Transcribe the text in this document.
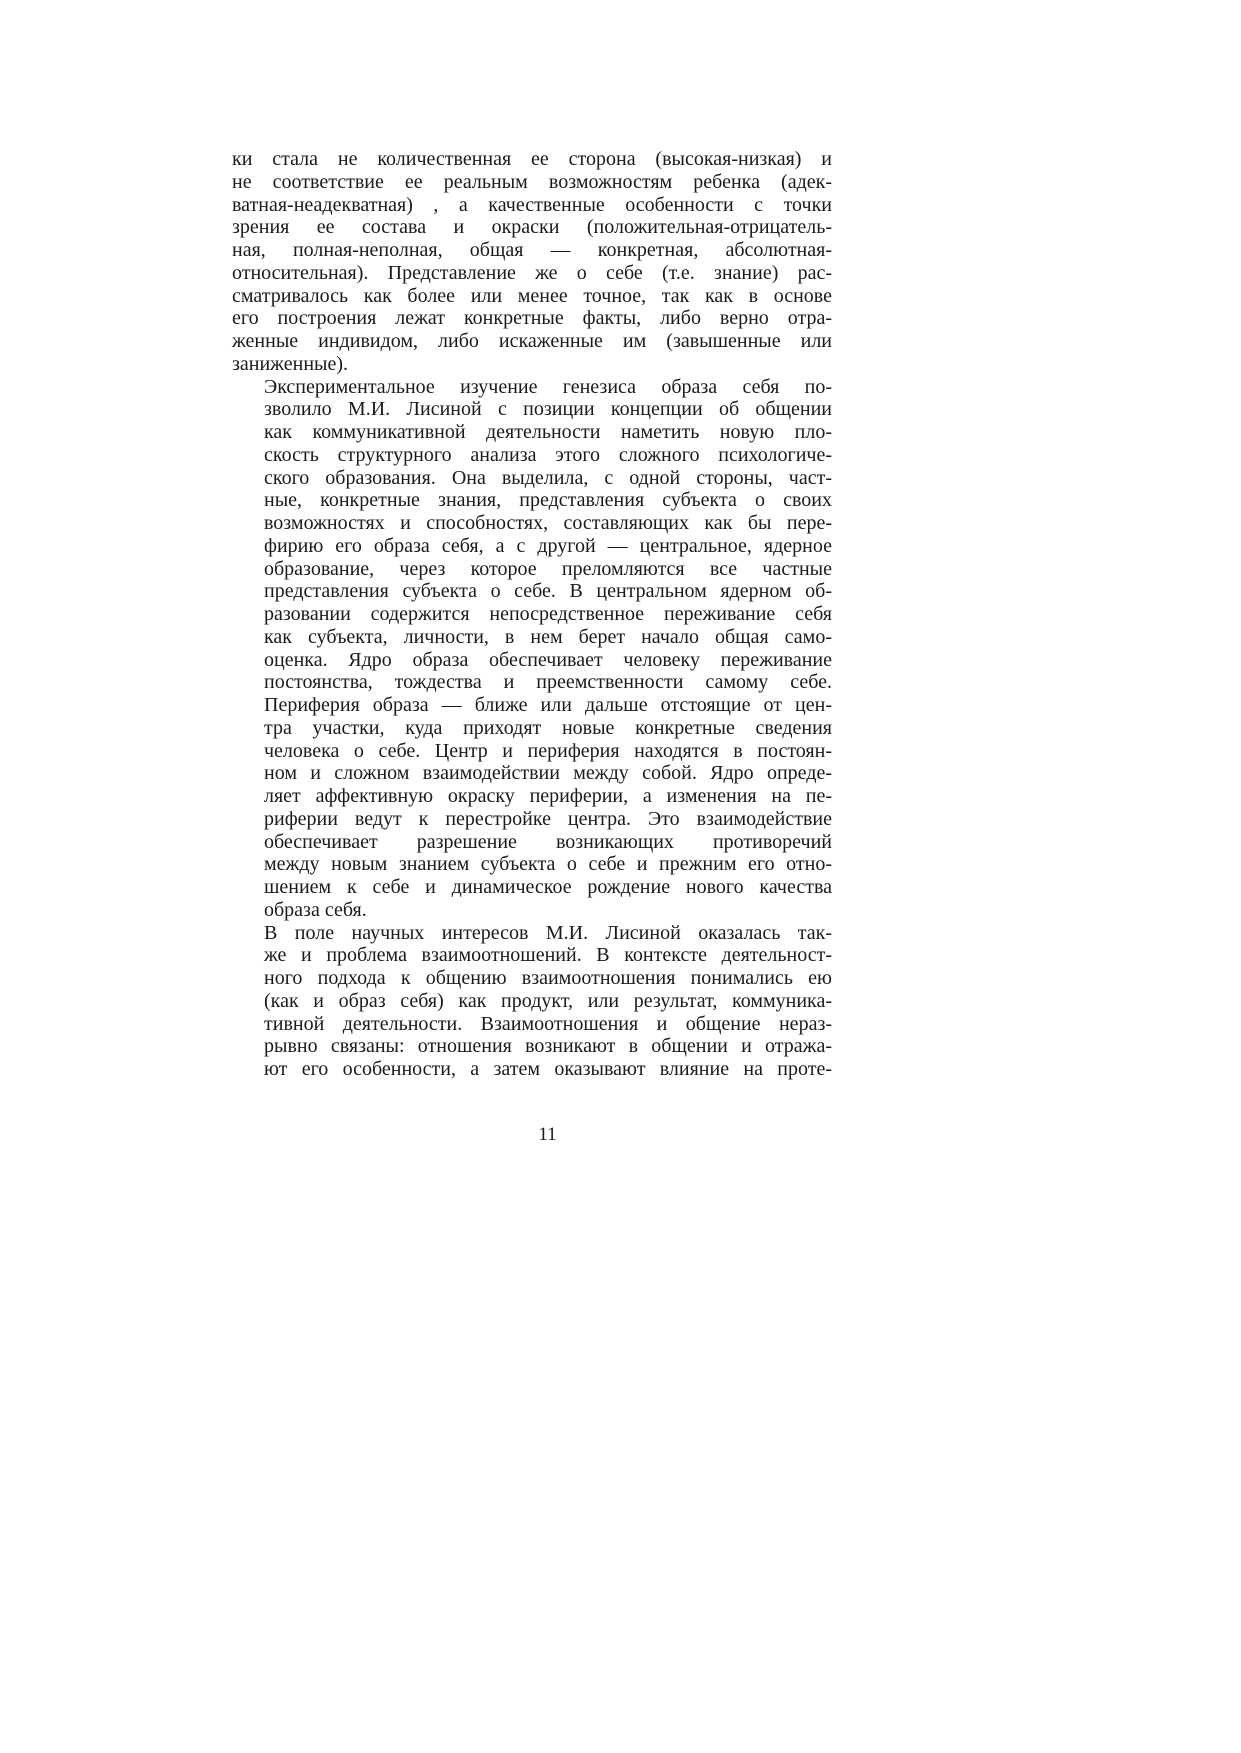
ки стала не количественная ее сторона (высокая-низкая) и
не соответствие ее реальным возможностям ребенка (адек-
ватная-неадекватная) , а качественные особенности с точки
зрения ее состава и окраски (положительная-отрицатель-
ная, полная-неполная, общая — конкретная, абсолютная-
относительная). Представление же о себе (т.е. знание) рас-
сматривалось как более или менее точное, так как в основе
его построения лежат конкретные факты, либо верно отра-
женные индивидом, либо искаженные им (завышенные или
заниженные).

Экспериментальное изучение генезиса образа себя по-
зволило М.И. Лисиной с позиции концепции об общении
как коммуникативной деятельности наметить новую пло-
скость структурного анализа этого сложного психологиче-
ского образования. Она выделила, с одной стороны, част-
ные, конкретные знания, представления субъекта о своих
возможностях и способностях, составляющих как бы пере-
фирию его образа себя, а с другой — центральное, ядерное
образование, через которое преломляются все частные
представления субъекта о себе. В центральном ядерном об-
разовании содержится непосредственное переживание себя
как субъекта, личности, в нем берет начало общая само-
оценка. Ядро образа обеспечивает человеку переживание
постоянства, тождества и преемственности самому себе.
Периферия образа — ближе или дальше отстоящие от цен-
тра участки, куда приходят новые конкретные сведения
человека о себе. Центр и периферия находятся в постоян-
ном и сложном взаимодействии между собой. Ядро опреде-
ляет аффективную окраску периферии, а изменения на пе-
риферии ведут к перестройке центра. Это взаимодействие
обеспечивает разрешение возникающих противоречий
между новым знанием субъекта о себе и прежним его отно-
шением к себе и динамическое рождение нового качества
образа себя.

В поле научных интересов М.И. Лисиной оказалась так-
же и проблема взаимоотношений. В контексте деятельност-
ного подхода к общению взаимоотношения понимались ею
(как и образ себя) как продукт, или результат, коммуника-
тивной деятельности. Взаимоотношения и общение нераз-
рывно связаны: отношения возникают в общении и отража-
ют его особенности, а затем оказывают влияние на проте-

11
